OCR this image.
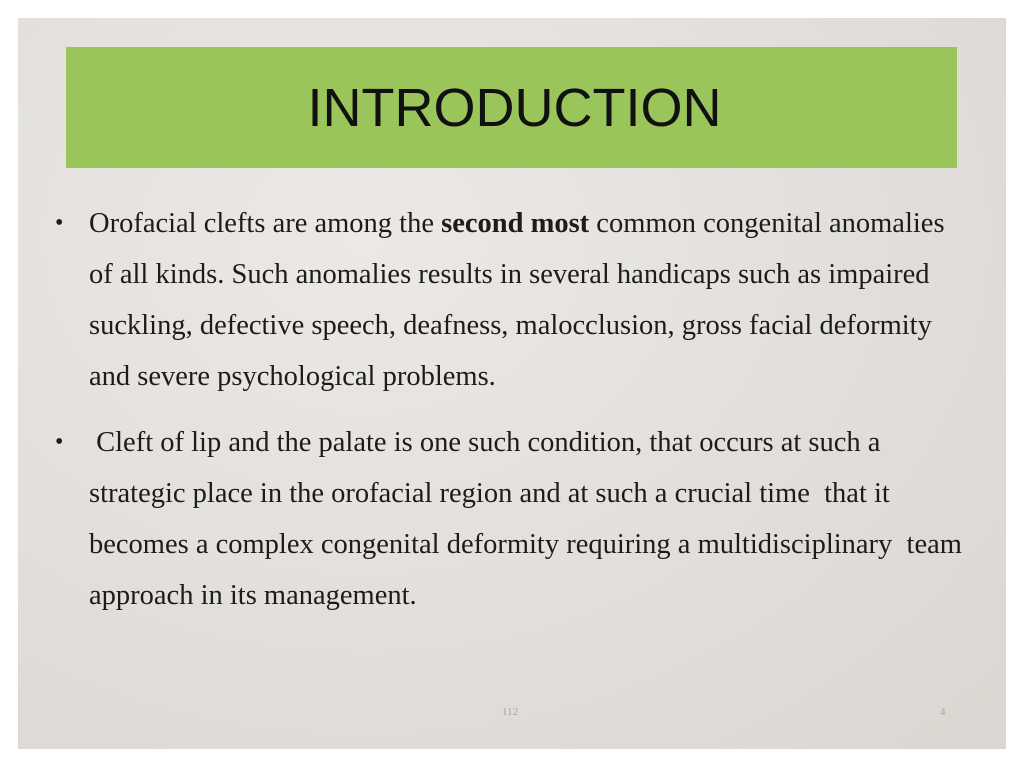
INTRODUCTION
• Orofacial clefts are among the second most common congenital anomalies of all kinds. Such anomalies results in several handicaps such as impaired suckling, defective speech, deafness, malocclusion, gross facial deformity and severe psychological problems.
• Cleft of lip and the palate is one such condition, that occurs at such a strategic place in the orofacial region and at such a crucial time  that it becomes a complex congenital deformity requiring a multidisciplinary  team approach in its management.
112	4
